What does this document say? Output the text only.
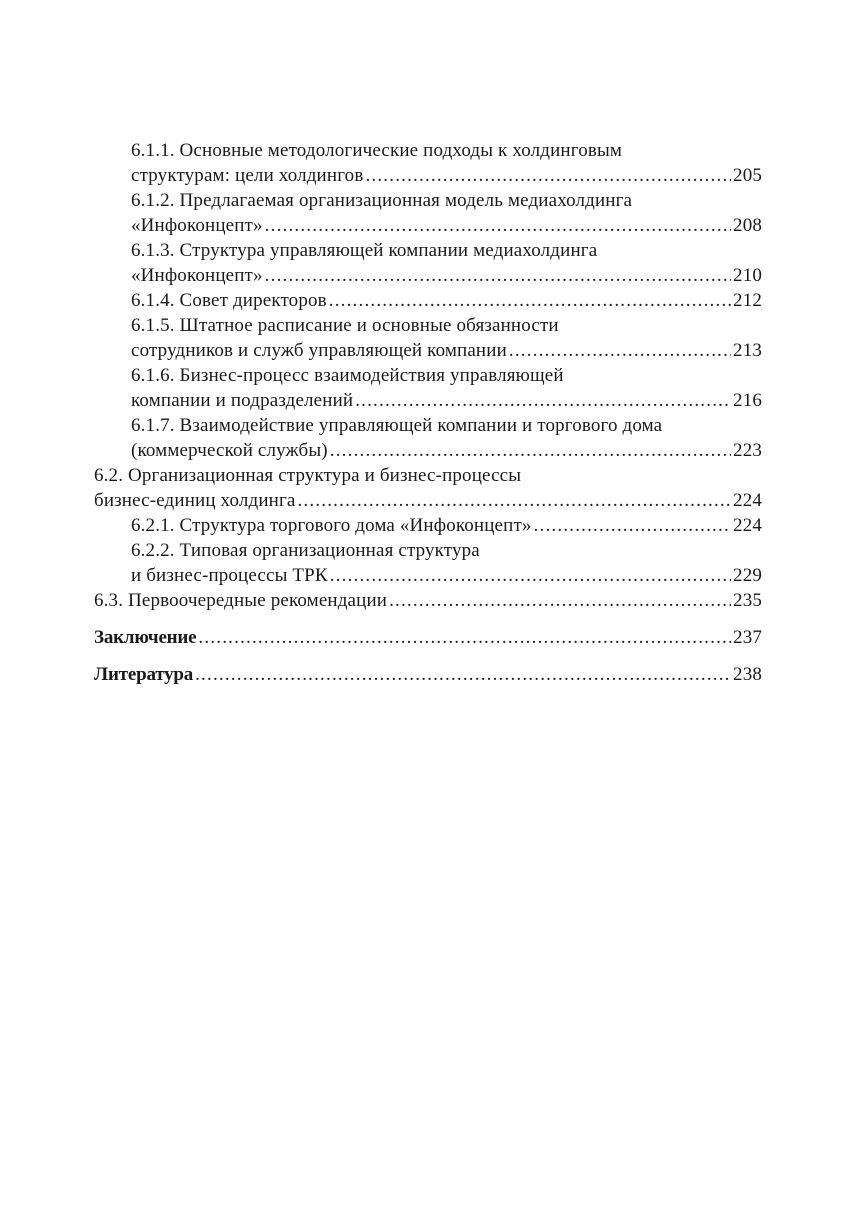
6.1.1. Основные методологические подходы к холдинговым
структурам: цели холдингов .....	205
6.1.2. Предлагаемая организационная модель медиахолдинга
«Инфоконцепт» .....	208
6.1.3. Структура управляющей компании медиахолдинга
«Инфоконцепт» .....	210
6.1.4. Совет директоров .....	212
6.1.5. Штатное расписание и основные обязанности
сотрудников и служб управляющей компании .....	213
6.1.6. Бизнес-процесс взаимодействия управляющей
компании и подразделений .....	216
6.1.7. Взаимодействие управляющей компании и торгового дома
(коммерческой службы) .....	223
6.2. Организационная структура и бизнес-процессы
бизнес-единиц холдинга .....	224
6.2.1. Структура торгового дома «Инфоконцепт» .....	224
6.2.2. Типовая организационная структура
и бизнес-процессы ТРК .....	229
6.3. Первоочередные рекомендации .....	235
Заключение .....	237
Литература .....	238
